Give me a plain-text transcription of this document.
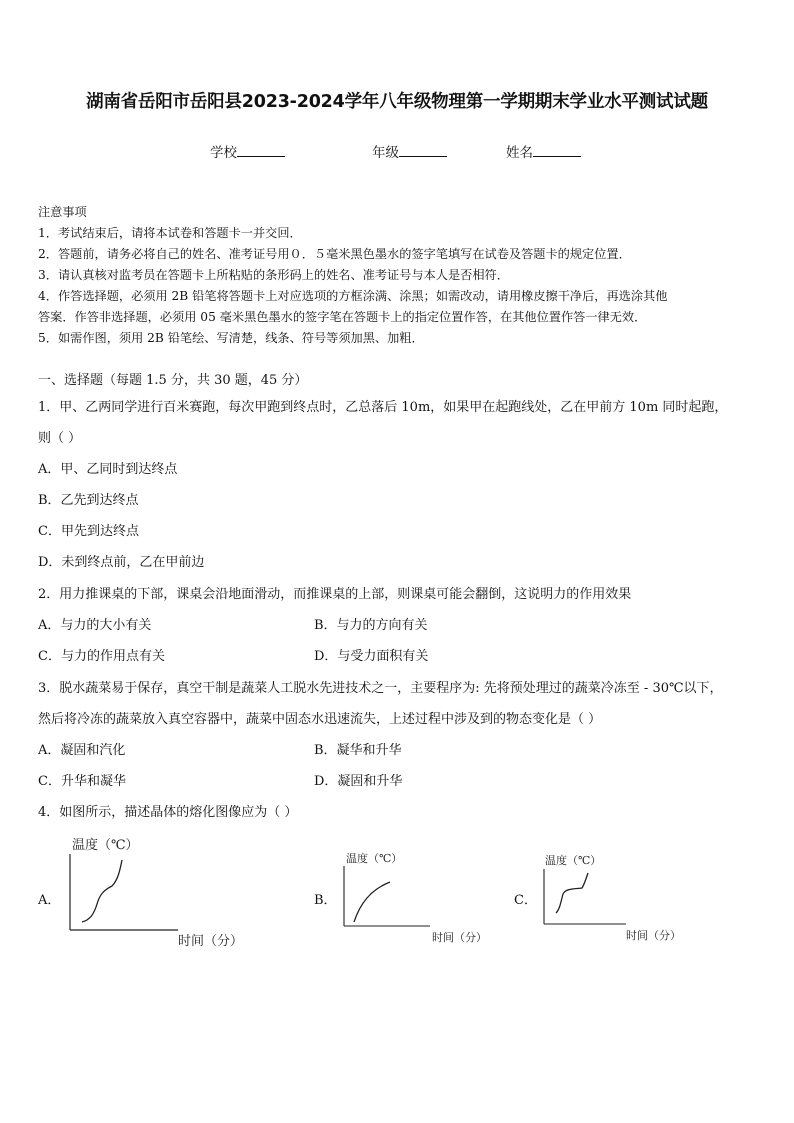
湖南省岳阳市岳阳县2023-2024学年八年级物理第一学期期末学业水平测试试题
学校	年级	姓名
注意事项
1．考试结束后，请将本试卷和答题卡一并交回．
2．答题前，请务必将自己的姓名、准考证号用０．５毫米黑色墨水的签字笔填写在试卷及答题卡的规定位置．
3．请认真核对监考员在答题卡上所粘贴的条形码上的姓名、准考证号与本人是否相符．
4．作答选择题，必须用 2B 铅笔将答题卡上对应选项的方框涂满、涂黑；如需改动，请用橡皮擦干净后，再选涂其他
答案．作答非选择题，必须用 05 毫米黑色墨水的签字笔在答题卡上的指定位置作答，在其他位置作答一律无效．
5．如需作图，须用 2B 铅笔绘、写清楚，线条、符号等须加黑、加粗．
一、选择题（每题 1.5 分，共 30 题，45 分）
1．甲、乙两同学进行百米赛跑，每次甲跑到终点时，乙总落后 10m，如果甲在起跑线处，乙在甲前方 10m 同时起跑，
则（ ）
A．甲、乙同时到达终点
B．乙先到达终点
C．甲先到达终点
D．未到终点前，乙在甲前边
2．用力推课桌的下部，课桌会沿地面滑动，而推课桌的上部，则课桌可能会翻倒，这说明力的作用效果
A．与力的大小有关	B．与力的方向有关
C．与力的作用点有关	D．与受力面积有关
3．脱水蔬菜易于保存，真空干制是蔬菜人工脱水先进技术之一，主要程序为: 先将预处理过的蔬菜冷冻至 - 30℃以下，
然后将冷冻的蔬菜放入真空容器中，蔬菜中固态水迅速流失，上述过程中涉及到的物态变化是（ ）
A．凝固和汽化	B．凝华和升华
C．升华和凝华	D．凝固和升华
4．如图所示，描述晶体的熔化图像应为（ ）
A．
温度（℃）
时间（分）
B．
温度（℃）
时间（分）
C．
温度（℃）
时间（分）
